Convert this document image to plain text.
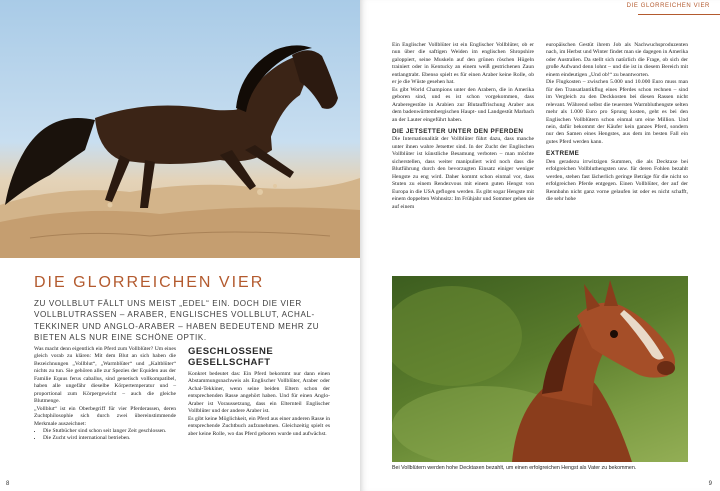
DIE GLORREICHEN VIER
ZU VOLLBLUT FÄLLT UNS MEIST „EDEL“ EIN. DOCH DIE VIER VOLLBLUTRASSEN – ARABER, ENGLISCHES VOLLBLUT, ACHAL-TEKKINER UND ANGLO-ARABER – HABEN BEDEUTEND MEHR ZU BIETEN ALS NUR EINE SCHÖNE OPTIK.

Was macht denn eigentlich ein Pferd zum Vollblüter? Um eines gleich vorab zu klären: Mit dem Blut an sich haben die Bezeichnungen „Vollblut“, „Warmblüter“ und „Kaltblüter“ nichts zu tun. Sie gehören alle zur Spezies der Equiden aus der Familie Equus ferus caballus, sind genetisch vollkompatibel, haben alle ungefähr dieselbe Körpertemperatur und – proportional zum Körpergewicht – auch die gleiche Blutmenge.

„Vollblut“ ist ein Oberbegriff für vier Pferderassen, deren Zuchtphilosophie sich durch zwei übereinstimmende Merkmale auszeichnet:

• Die Stutbücher sind schon seit langer Zeit geschlossen.
• Die Zucht wird international betrieben.
GESCHLOSSENE GESELLSCHAFT

Konkret bedeutet das: Ein Pferd bekommt nur dann einen Abstammungsnachweis als Englischer Vollblüter, Araber oder Achal-Tekkiner, wenn seine beiden Eltern schon der entsprechenden Rasse angehört haben. Und für einen Anglo-Araber ist Voraussetzung, dass ein Elternteil Englischer Vollblüter und der andere Araber ist.

Es gibt keine Möglichkeit, ein Pferd aus einer anderen Rasse in entsprechende Zuchtbuch aufzunehmen. Gleichzeitig spielt es aber keine Rolle, wo das Pferd geboren wurde und aufwächst.

8
DIE GLORREICHEN VIER

Ein Englischer Vollblüter ist ein Englischer Vollblüter, ob er nun über die saftigen Weiden im englischen Shropshire galoppiert, seine Muskeln auf den grünen röschen Hügeln trainiert oder in Kentucky an einem weiß gestrichenen Zaun entlangtrabt. Ebenso spielt es für einen Araber keine Rolle, ob er je die Wüste gesehen hat.

Es gibt World Champions unter den Arabern, die in Amerika geboren sind, und es ist schon vorgekommen, dass Araberegestüte in Arabien zur Blutauffrischung Araber aus dem badenwürttembergischen Haupt- und Landgestüt Marbach an der Lauter eingeführt haben.

DIE JETSETTER UNTER DEN PFERDEN

Die Internationalität der Vollblüter führt dazu, dass manche unter ihnen wahre Jetsetter sind. In der Zucht der Englischen Vollblüter ist künstliche Besamung verboten – man möchte sicherstellen, dass weiter manipuliert wird noch dass die Blutführung durch den bevorzugten Einsatz einiger weniger Hengste zu eng wird. Daher kommt schon einmal vor, dass Stuten zu einem Rendezvous mit einem guten Hengst von Europa in die USA geflogen werden. Es gibt sogar Hengste mit einem doppelten Wohnsitz: Im Frühjahr und Sommer gehen sie auf einem

europäischen Gestüt ihrem Job als Nachwuchsproduzenten nach, im Herbst und Winter findet man sie dagegen in Amerika oder Australien. Da stellt sich natürlich die Frage, ob sich der große Aufwand denn lohnt – und die ist in diesem Bereich mit einem eindeutigen „Und ob!“ zu beantworten.

Die Flugkosten – zwischen 5.000 und 10.000 Euro muss man für den Transatlantikflug eines Pferdes schon rechnen – sind im Vergleich zu den Deckkosten bei diesen Rassen nicht relevant. Während selbst die teuersten Warmbluthengste selten mehr als 1.000 Euro pro Sprung kosten, geht es bei den Englischen Vollblütern schon einmal um eine Million. Und nein, dafür bekommt der Käufer kein ganzes Pferd, sondern nur den Samen eines Hengstes, aus dem im besten Fall ein gutes Pferd werden kann.

EXTREME

Den geradezu irrwitzigen Summen, die als Decktaxe bei erfolgreichen Vollbluthengsten usw. für deren Fohlen bezahlt werden, stehen fast lächerlich geringe Beträge für die nicht so erfolgreichen Pferde entgegen. Einen Vollblüter, der auf der Rennbahn nicht ganz vorne gelaufen ist oder es nicht schafft, die sehr hohe

Bei Vollblütern werden hohe Decktaxen bezahlt, um einen erfolgreichen Hengst als Vater zu bekommen.
9
